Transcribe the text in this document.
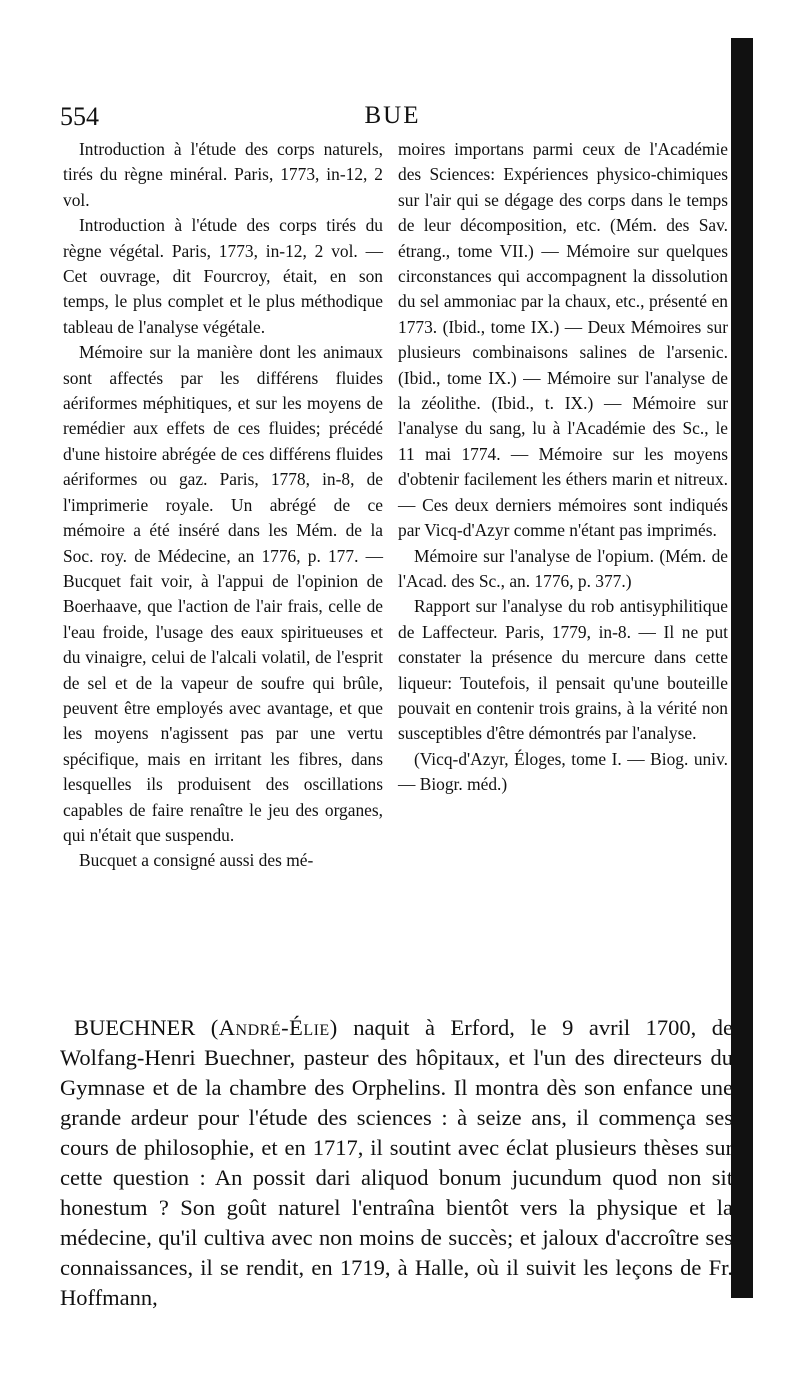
554	BUE

Introduction à l'étude des corps naturels, tirés du règne minéral. Paris, 1773, in-12, 2 vol.

Introduction à l'étude des corps tirés du règne végétal. Paris, 1773, in-12, 2 vol. — Cet ouvrage, dit Fourcroy, était, en son temps, le plus complet et le plus méthodique tableau de l'analyse végétale.

Mémoire sur la manière dont les animaux sont affectés par les différens fluides aériformes méphitiques, et sur les moyens de remédier aux effets de ces fluides; précédé d'une histoire abrégée de ces différens fluides aériformes ou gaz. Paris, 1778, in-8, de l'imprimerie royale. Un abrégé de ce mémoire a été inséré dans les Mém. de la Soc. roy. de Médecine, an 1776, p. 177. — Bucquet fait voir, à l'appui de l'opinion de Boerhaave, que l'action de l'air frais, celle de l'eau froide, l'usage des eaux spiritueuses et du vinaigre, celui de l'alcali volatil, de l'esprit de sel et de la vapeur de soufre qui brûle, peuvent être employés avec avantage, et que les moyens n'agissent pas par une vertu spécifique, mais en irritant les fibres, dans lesquelles ils produisent des oscillations capables de faire renaître le jeu des organes, qui n'était que suspendu.

Bucquet a consigné aussi des mé-

moires importans parmi ceux de l'Académie des Sciences: Expériences physico-chimiques sur l'air qui se dégage des corps dans le temps de leur décomposition, etc. (Mém. des Sav. étrang., tome VII.) — Mémoire sur quelques circonstances qui accompagnent la dissolution du sel ammoniac par la chaux, etc., présenté en 1773. (Ibid., tome IX.) — Deux Mémoires sur plusieurs combinaisons salines de l'arsenic. (Ibid., tome IX.) — Mémoire sur l'analyse de la zéolithe. (Ibid., t. IX.) — Mémoire sur l'analyse du sang, lu à l'Académie des Sc., le 11 mai 1774. — Mémoire sur les moyens d'obtenir facilement les éthers marin et nitreux. — Ces deux derniers mémoires sont indiqués par Vicq-d'Azyr comme n'étant pas imprimés.

Mémoire sur l'analyse de l'opium. (Mém. de l'Acad. des Sc., an. 1776, p. 377.)

Rapport sur l'analyse du rob antisyphilitique de Laffecteur. Paris, 1779, in-8. — Il ne put constater la présence du mercure dans cette liqueur: Toutefois, il pensait qu'une bouteille pouvait en contenir trois grains, à la vérité non susceptibles d'être démontrés par l'analyse.

(Vicq-d'Azyr, Éloges, tome I. — Biog. univ. — Biogr. méd.)

BUECHNER (André-Élie) naquit à Erford, le 9 avril 1700, de Wolfang-Henri Buechner, pasteur des hôpitaux, et l'un des directeurs du Gymnase et de la chambre des Orphelins. Il montra dès son enfance une grande ardeur pour l'étude des sciences : à seize ans, il commença ses cours de philosophie, et en 1717, il soutint avec éclat plusieurs thèses sur cette question : An possit dari aliquod bonum jucundum quod non sit honestum ? Son goût naturel l'entraîna bientôt vers la physique et la médecine, qu'il cultiva avec non moins de succès; et jaloux d'accroître ses connaissances, il se rendit, en 1719, à Halle, où il suivit les leçons de Fr. Hoffmann,
